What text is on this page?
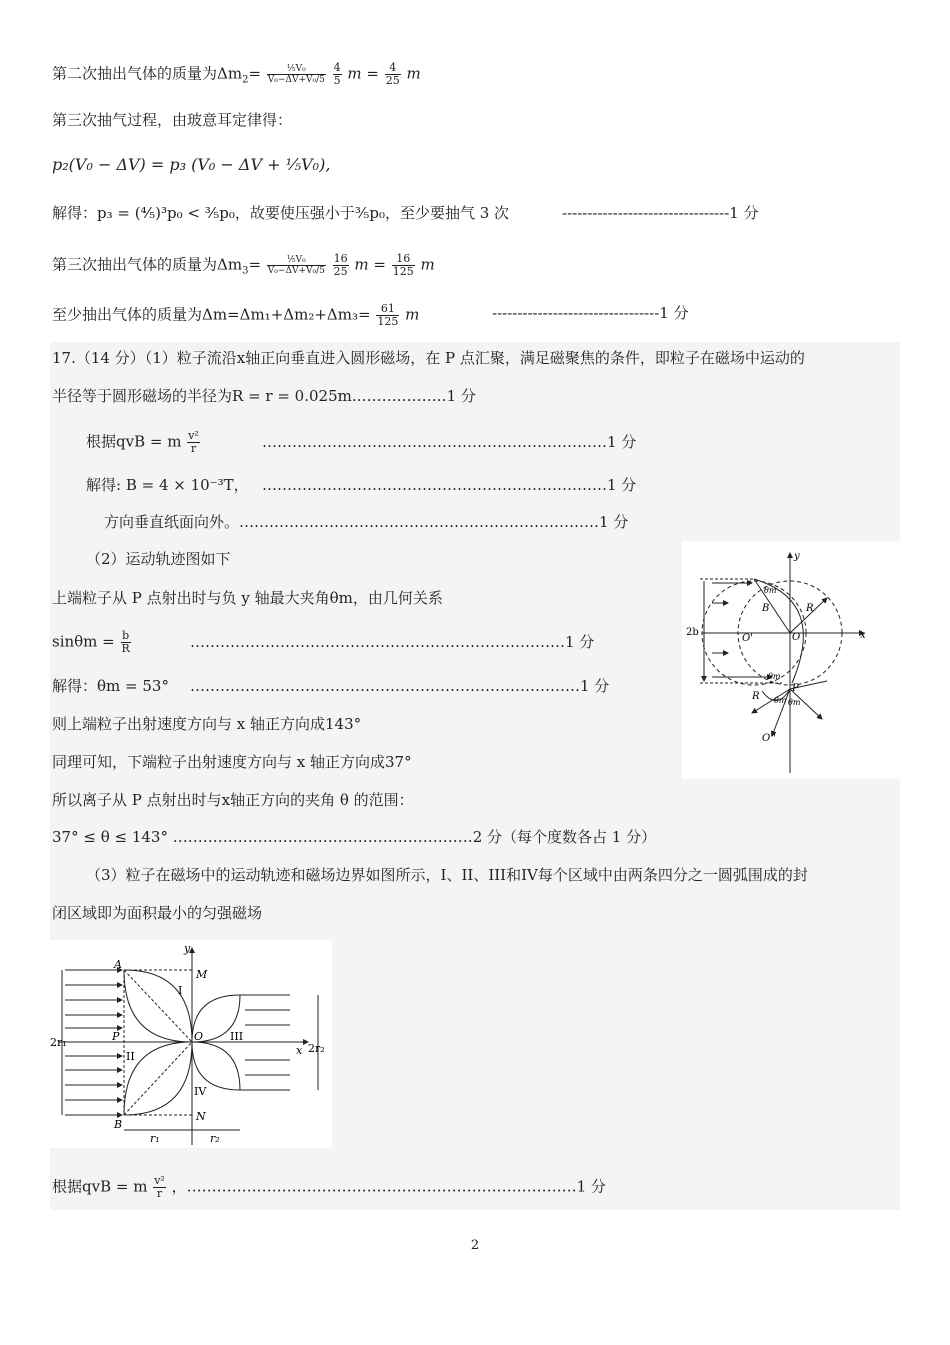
第二次抽出气体的质量为$\Delta m_2= \frac{\text{⅕V₀}}{\text{V₀−ΔV+V₀/5}}$
$\frac{4}{5}$ $m = \frac{4}{25}$ m
第三次抽气过程，由玻意耳定律得：
p₂(V₀ − ΔV) = p₃ (V₀ − ΔV + ⅕V₀),
解得：p₃ = (⁴⁄₅)³p₀ < ³⁄₅p₀，故要使压强小于³⁄₅p₀，至少要抽气 3 次	---------------------------------1 分
第三次抽出气体的质量为$\Delta m_3= \frac{\text{⅕V₀}}{\text{V₀−ΔV+V₀/5}}$
$\frac{16}{25}$ $m = \frac{16}{125}$ m
至少抽出气体的质量为$\Delta m=\Delta m_1+\Delta m_2+\Delta m_3= \frac{61}{125}$ m	---------------------------------1 分
17.（14 分）（1）粒子流沿x轴正向垂直进入圆形磁场，在 P 点汇聚，满足磁聚焦的条件，即粒子在磁场中运动的
半径等于圆形磁场的半径为R = r = 0.025m.………………1 分
根据qvB = m $\frac{\text{v²}}{r}$	……………………………………………………………1 分
解得: B = 4 × 10⁻³T， ……………………………………………………………1 分
方向垂直纸面向外。………………………………………………………………1 分
（2）运动轨迹图如下
上端粒子从 P 点射出时与负 y 轴最大夹角θm，由几何关系
$\sin\theta m = \frac{b}{R}$	…………………………………………………………………1 分
解得：θm = 53° ……………………………………………………………………1 分
则上端粒子出射速度方向与 x 轴正方向成143°
同理可知，下端粒子出射速度方向与 x 轴正方向成37°
所以离子从 P 点射出时与x轴正方向的夹角 θ 的范围：
37° ≤ θ ≤ 143° ……………………………………………………2 分（每个度数各占 1 分）
（3）粒子在磁场中的运动轨迹和磁场边界如图所示，I、II、III和IV每个区域中由两条四分之一圆弧围成的封
闭区域即为面积最小的匀强磁场
根据qvB = m $\frac{\text{v²}}{r}$ ，……………………………………………………………………1 分
y
x
O
O'
O''
P
B	R
R
θm
θm
θm θm
2b
A
B
M
N
O
P
y
x
I
II
III
IV
2r₁	2r₂
r₁	r₂
2
